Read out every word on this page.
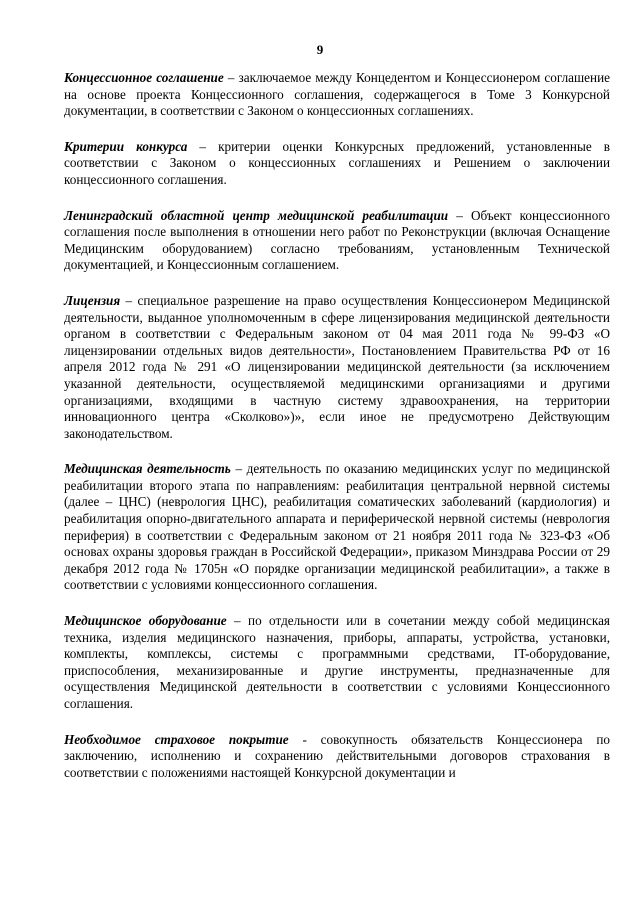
9

Концессионное соглашение – заключаемое между Концедентом и Концессионером соглашение на основе проекта Концессионного соглашения, содержащегося в Томе 3 Конкурсной документации, в соответствии с Законом о концессионных соглашениях.

Критерии конкурса – критерии оценки Конкурсных предложений, установленные в соответствии с Законом о концессионных соглашениях и Решением о заключении концессионного соглашения.

Ленинградский областной центр медицинской реабилитации – Объект концессионного соглашения после выполнения в отношении него работ по Реконструкции (включая Оснащение Медицинским оборудованием) согласно требованиям, установленным Технической документацией, и Концессионным соглашением.

Лицензия – специальное разрешение на право осуществления Концессионером Медицинской деятельности, выданное уполномоченным в сфере лицензирования медицинской деятельности органом в соответствии с Федеральным законом от 04 мая 2011 года № 99-ФЗ «О лицензировании отдельных видов деятельности», Постановлением Правительства РФ от 16 апреля 2012 года № 291 «О лицензировании медицинской деятельности (за исключением указанной деятельности, осуществляемой медицинскими организациями и другими организациями, входящими в частную систему здравоохранения, на территории инновационного центра «Сколково»)», если иное не предусмотрено Действующим законодательством.

Медицинская деятельность – деятельность по оказанию медицинских услуг по медицинской реабилитации второго этапа по направлениям: реабилитация центральной нервной системы (далее – ЦНС) (неврология ЦНС), реабилитация соматических заболеваний (кардиология) и реабилитация опорно-двигательного аппарата и периферической нервной системы (неврология периферия) в соответствии с Федеральным законом от 21 ноября 2011 года № 323-ФЗ «Об основах охраны здоровья граждан в Российской Федерации», приказом Минздрава России от 29 декабря 2012 года № 1705н «О порядке организации медицинской реабилитации», а также в соответствии с условиями концессионного соглашения.

Медицинское оборудование – по отдельности или в сочетании между собой медицинская техника, изделия медицинского назначения, приборы, аппараты, устройства, установки, комплекты, комплексы, системы с программными средствами, IT-оборудование, приспособления, механизированные и другие инструменты, предназначенные для осуществления Медицинской деятельности в соответствии с условиями Концессионного соглашения.

Необходимое страховое покрытие - совокупность обязательств Концессионера по заключению, исполнению и сохранению действительными договоров страхования в соответствии с положениями настоящей Конкурсной документации и
